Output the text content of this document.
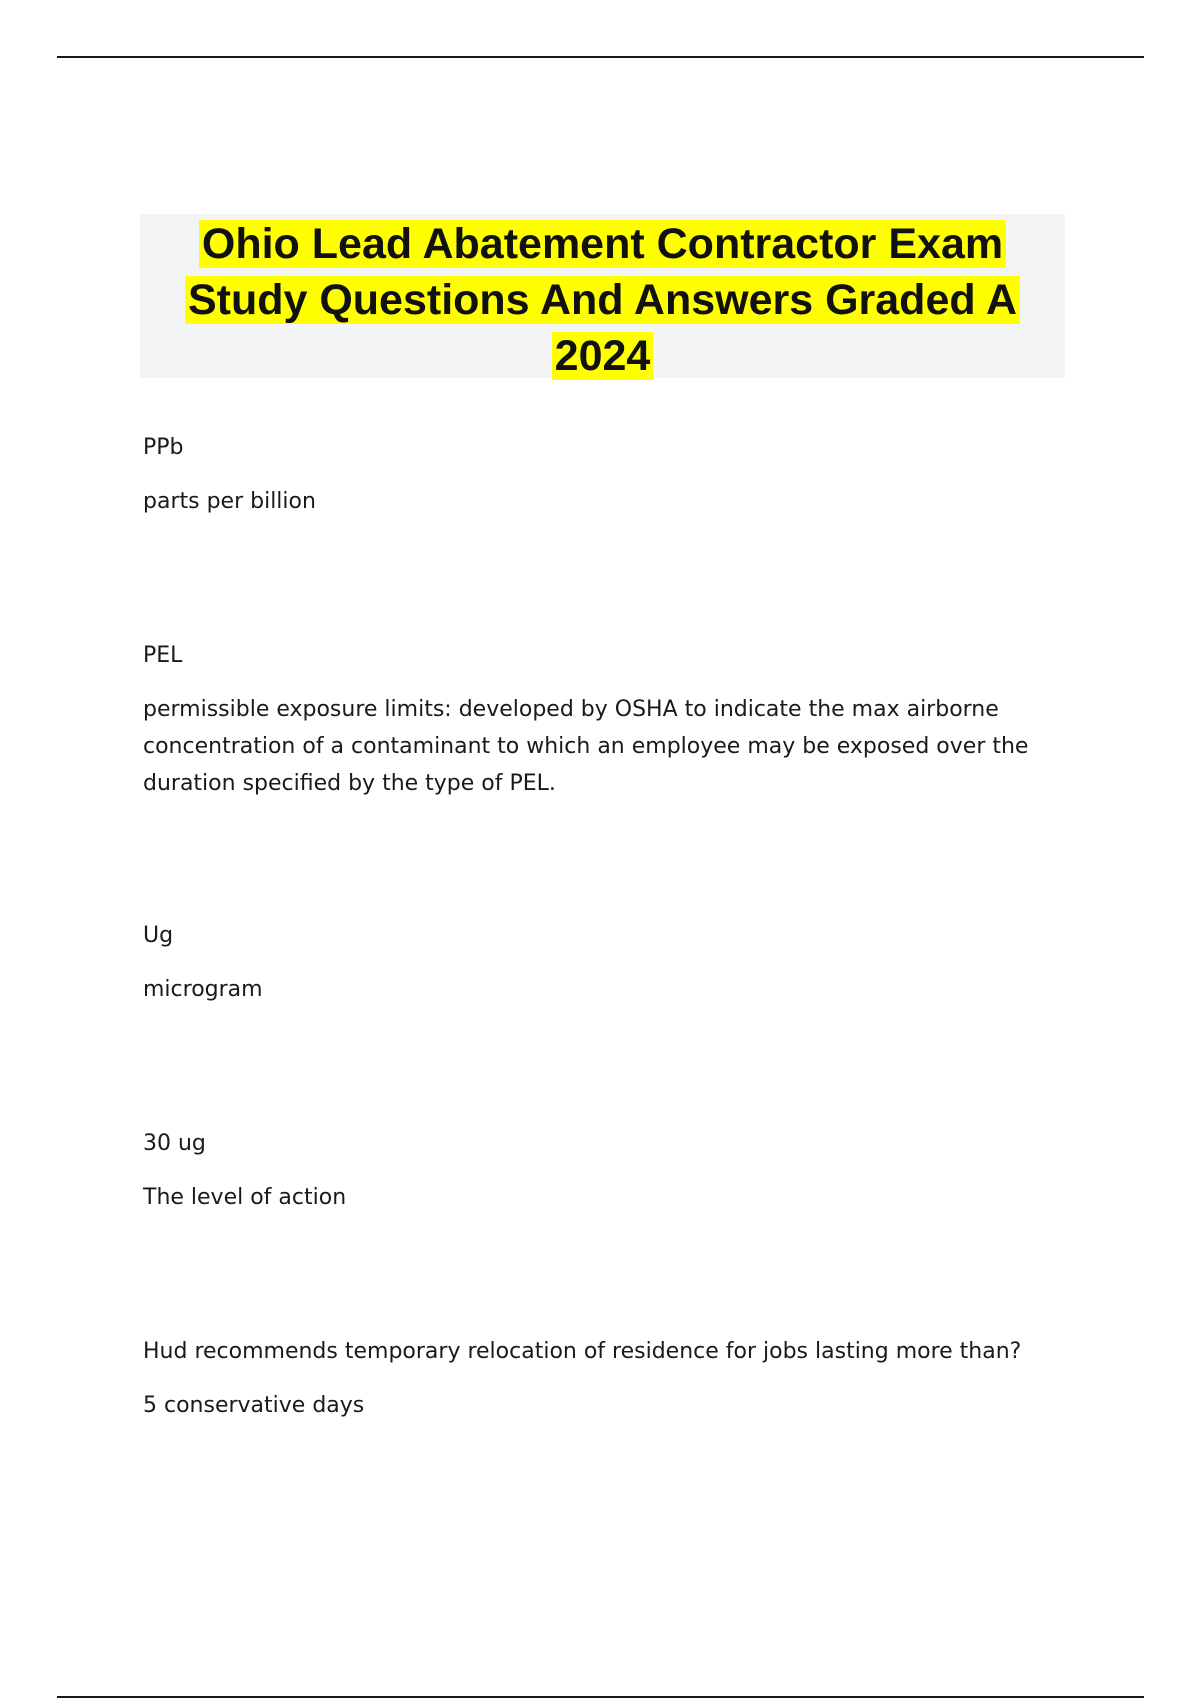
Ohio Lead Abatement Contractor Exam
Study Questions And Answers Graded A
2024

PPb

parts per billion

PEL

permissible exposure limits: developed by OSHA to indicate the max airborne concentration of a contaminant to which an employee may be exposed over the duration specified by the type of PEL.

Ug

microgram

30 ug

The level of action

Hud recommends temporary relocation of residence for jobs lasting more than?

5 conservative days
